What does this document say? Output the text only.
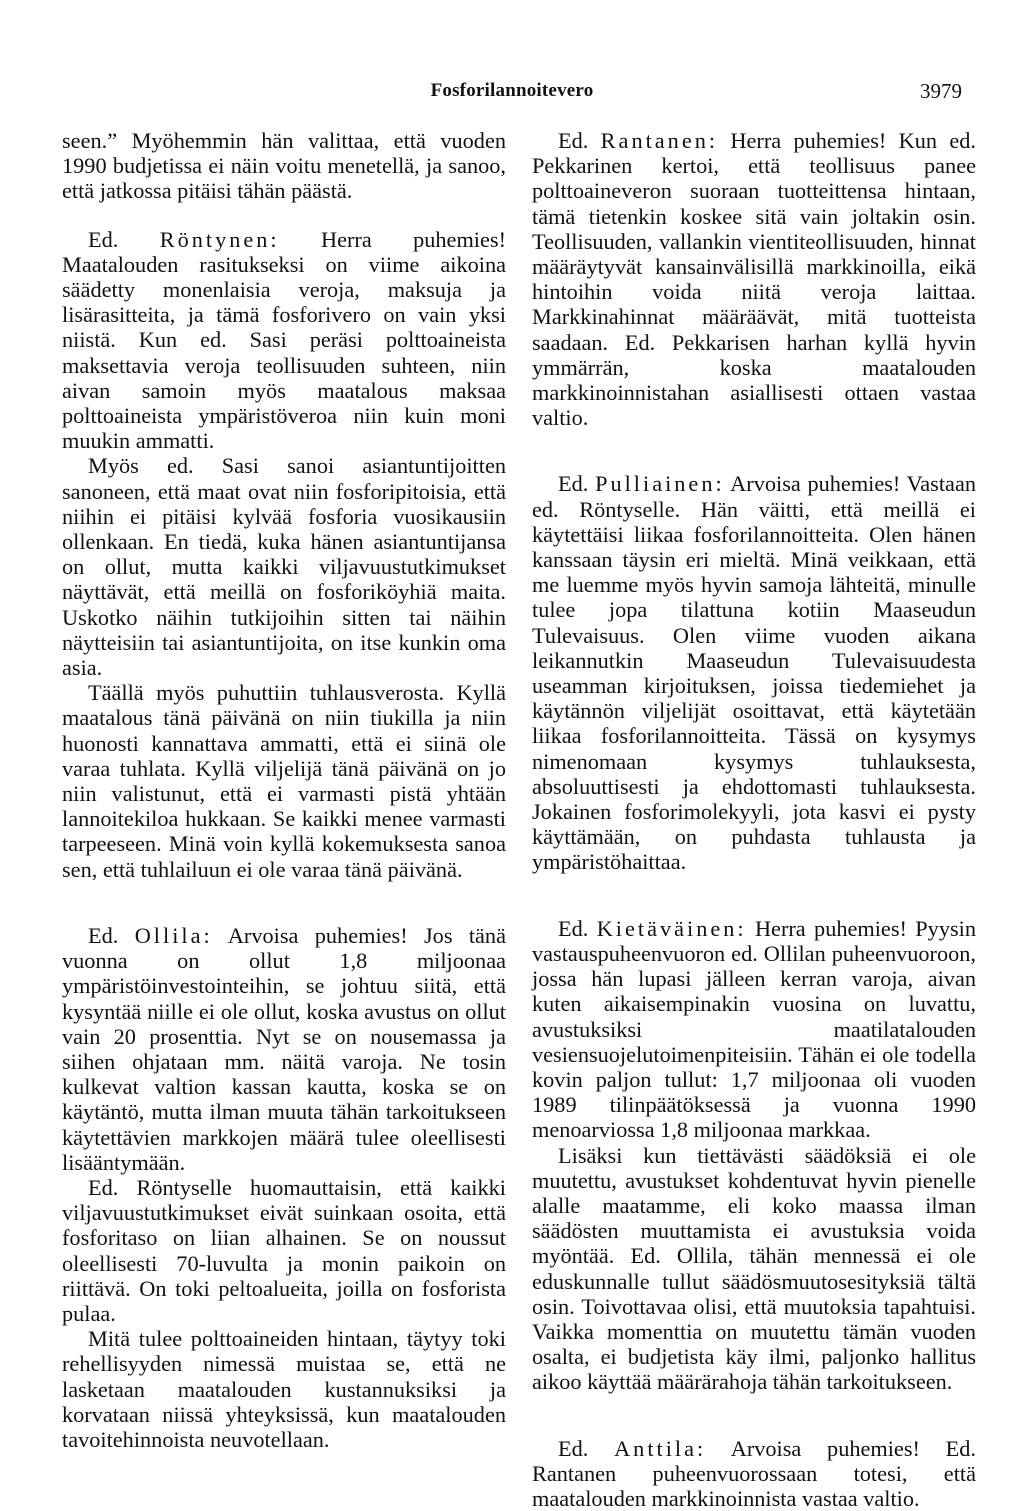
Fosforilannoitevero	3979

seen.” Myöhemmin hän valittaa, että vuoden 1990 budjetissa ei näin voitu menetellä, ja sanoo, että jatkossa pitäisi tähän päästä.

Ed. Röntynen: Herra puhemies! Maatalouden rasitukseksi on viime aikoina säädetty monenlaisia veroja, maksuja ja lisärasitteita, ja tämä fosforivero on vain yksi niistä. Kun ed. Sasi peräsi polttoaineista maksettavia veroja teollisuuden suhteen, niin aivan samoin myös maatalous maksaa polttoaineista ympäristöveroa niin kuin moni muukin ammatti.

Myös ed. Sasi sanoi asiantuntijoitten sanoneen, että maat ovat niin fosforipitoisia, että niihin ei pitäisi kylvää fosforia vuosikausiin ollenkaan. En tiedä, kuka hänen asiantuntijansa on ollut, mutta kaikki viljavuustutkimukset näyttävät, että meillä on fosforiköyhiä maita. Uskotko näihin tutkijoihin sitten tai näihin näytteisiin tai asiantuntijoita, on itse kunkin oma asia.

Täällä myös puhuttiin tuhlausverosta. Kyllä maatalous tänä päivänä on niin tiukilla ja niin huonosti kannattava ammatti, että ei siinä ole varaa tuhlata. Kyllä viljelijä tänä päivänä on jo niin valistunut, että ei varmasti pistä yhtään lannoitekiloa hukkaan. Se kaikki menee varmasti tarpeeseen. Minä voin kyllä kokemuksesta sanoa sen, että tuhlailuun ei ole varaa tänä päivänä.

Ed. Ollila: Arvoisa puhemies! Jos tänä vuonna on ollut 1,8 miljoonaa ympäristöinvestointeihin, se johtuu siitä, että kysyntää niille ei ole ollut, koska avustus on ollut vain 20 prosenttia. Nyt se on nousemassa ja siihen ohjataan mm. näitä varoja. Ne tosin kulkevat valtion kassan kautta, koska se on käytäntö, mutta ilman muuta tähän tarkoitukseen käytettävien markkojen määrä tulee oleellisesti lisääntymään.

Ed. Röntyselle huomauttaisin, että kaikki viljavuustutkimukset eivät suinkaan osoita, että fosforitaso on liian alhainen. Se on noussut oleellisesti 70-luvulta ja monin paikoin on riittävä. On toki peltoalueita, joilla on fosforista pulaa.

Mitä tulee polttoaineiden hintaan, täytyy toki rehellisyyden nimessä muistaa se, että ne lasketaan maatalouden kustannuksiksi ja korvataan niissä yhteyksissä, kun maatalouden tavoitehinnoista neuvotellaan.

Ed. Rantanen: Herra puhemies! Kun ed. Pekkarinen kertoi, että teollisuus panee polttoaineveron suoraan tuotteittensa hintaan, tämä tietenkin koskee sitä vain joltakin osin. Teollisuuden, vallankin vientiteollisuuden, hinnat määräytyvät kansainvälisillä markkinoilla, eikä hintoihin voida niitä veroja laittaa. Markkinahinnat määräävät, mitä tuotteista saadaan. Ed. Pekkarisen harhan kyllä hyvin ymmärrän, koska maatalouden markkinoinnistahan asiallisesti ottaen vastaa valtio.

Ed. Pulliainen: Arvoisa puhemies! Vastaan ed. Röntyselle. Hän väitti, että meillä ei käytettäisi liikaa fosforilannoitteita. Olen hänen kanssaan täysin eri mieltä. Minä veikkaan, että me luemme myös hyvin samoja lähteitä, minulle tulee jopa tilattuna kotiin Maaseudun Tulevaisuus. Olen viime vuoden aikana leikannutkin Maaseudun Tulevaisuudesta useamman kirjoituksen, joissa tiedemiehet ja käytännön viljelijät osoittavat, että käytetään liikaa fosforilannoitteita. Tässä on kysymys nimenomaan kysymys tuhlauksesta, absoluuttisesti ja ehdottomasti tuhlauksesta. Jokainen fosforimolekyyli, jota kasvi ei pysty käyttämään, on puhdasta tuhlausta ja ympäristöhaittaa.

Ed. Kietäväinen: Herra puhemies! Pyysin vastauspuheenvuoron ed. Ollilan puheenvuoroon, jossa hän lupasi jälleen kerran varoja, aivan kuten aikaisempinakin vuosina on luvattu, avustuksiksi maatilatalouden vesiensuojelutoimenpiteisiin. Tähän ei ole todella kovin paljon tullut: 1,7 miljoonaa oli vuoden 1989 tilinpäätöksessä ja vuonna 1990 menoarviossa 1,8 miljoonaa markkaa.

Lisäksi kun tiettävästi säädöksiä ei ole muutettu, avustukset kohdentuvat hyvin pienelle alalle maatamme, eli koko maassa ilman säädösten muuttamista ei avustuksia voida myöntää. Ed. Ollila, tähän mennessä ei ole eduskunnalle tullut säädösmuutosesityksiä tältä osin. Toivottavaa olisi, että muutoksia tapahtuisi. Vaikka momenttia on muutettu tämän vuoden osalta, ei budjetista käy ilmi, paljonko hallitus aikoo käyttää määrärahoja tähän tarkoitukseen.

Ed. Anttila: Arvoisa puhemies! Ed. Rantanen puheenvuorossaan totesi, että maatalouden markkinoinnista vastaa valtio.
